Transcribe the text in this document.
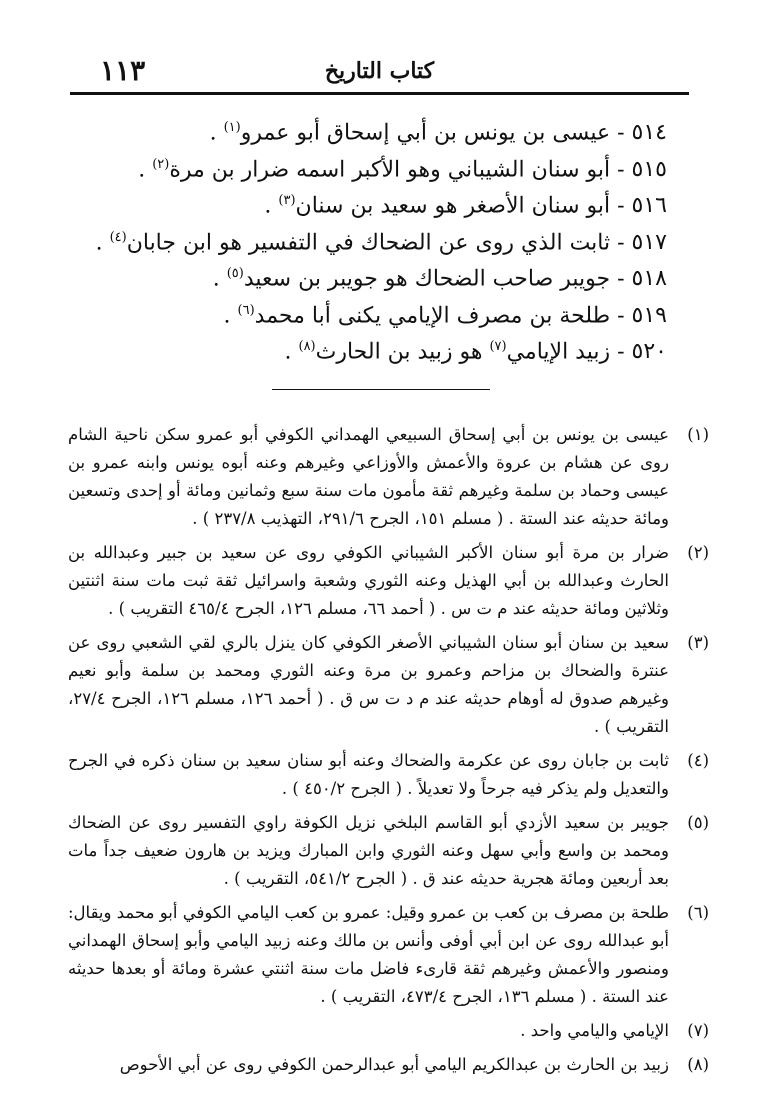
كتاب التاريخ
١١٣
٥١٤ - عيسى بن يونس بن أبي إسحاق أبو عمرو$^{(١)}$ .
٥١٥ - أبو سنان الشيباني وهو الأكبر اسمه ضرار بن مرة$^{(٢)}$ .
٥١٦ - أبو سنان الأصغر هو سعيد بن سنان$^{(٣)}$ .
٥١٧ - ثابت الذي روى عن الضحاك في التفسير هو ابن جابان$^{(٤)}$ .
٥١٨ - جويبر صاحب الضحاك هو جويبر بن سعيد$^{(٥)}$ .
٥١٩ - طلحة بن مصرف الإيامي يكنى أبا محمد$^{(٦)}$ .
٥٢٠ - زبيد الإيامي$^{(٧)}$ هو زبيد بن الحارث$^{(٨)}$ .
(١)
عيسى بن يونس بن أبي إسحاق السبيعي الهمداني الكوفي أبو عمرو سكن ناحية الشام روى عن هشام بن عروة والأعمش والأوزاعي وغيرهم وعنه أبوه يونس وابنه عمرو بن عيسى وحماد بن سلمة وغيرهم ثقة مأمون مات سنة سبع وثمانين ومائة أو إحدى وتسعين ومائة حديثه عند الستة . ( مسلم ١٥١، الجرح ٢٩١/٦، التهذيب ٢٣٧/٨ ) .
(٢)
ضرار بن مرة أبو سنان الأكبر الشيباني الكوفي روى عن سعيد بن جبير وعبدالله بن الحارث وعبدالله بن أبي الهذيل وعنه الثوري وشعبة واسرائيل ثقة ثبت مات سنة اثنتين وثلاثين ومائة حديثه عند م ت س . ( أحمد ٦٦، مسلم ١٢٦، الجرح ٤٦٥/٤ التقريب ) .
(٣)
سعيد بن سنان أبو سنان الشيباني الأصغر الكوفي كان ينزل بالري لقي الشعبي روى عن عنترة والضحاك بن مزاحم وعمرو بن مرة وعنه الثوري ومحمد بن سلمة وأبو نعيم وغيرهم صدوق له أوهام حديثه عند م د ت س ق . ( أحمد ١٢٦، مسلم ١٢٦، الجرح ٢٧/٤، التقريب ) .
(٤)
ثابت بن جابان روى عن عكرمة والضحاك وعنه أبو سنان سعيد بن سنان ذكره في الجرح والتعديل ولم يذكر فيه جرحاً ولا تعديلاً . ( الجرح ٤٥٠/٢ ) .
(٥)
جويبر بن سعيد الأزدي أبو القاسم البلخي نزيل الكوفة راوي التفسير روى عن الضحاك ومحمد بن واسع وأبي سهل وعنه الثوري وابن المبارك ويزيد بن هارون ضعيف جداً مات بعد أربعين ومائة هجرية حديثه عند ق . ( الجرح ٥٤١/٢، التقريب ) .
(٦)
طلحة بن مصرف بن كعب بن عمرو وقيل: عمرو بن كعب اليامي الكوفي أبو محمد ويقال: أبو عبدالله روى عن ابن أبي أوفى وأنس بن مالك وعنه زبيد اليامي وأبو إسحاق الهمداني ومنصور والأعمش وغيرهم ثقة قارىء فاضل مات سنة اثنتي عشرة ومائة أو بعدها حديثه عند الستة . ( مسلم ١٣٦، الجرح ٤٧٣/٤، التقريب ) .
(٧)
الإيامي واليامي واحد .
(٨)
زبيد بن الحارث بن عبدالكريم اليامي أبو عبدالرحمن الكوفي روى عن أبي الأحوص
